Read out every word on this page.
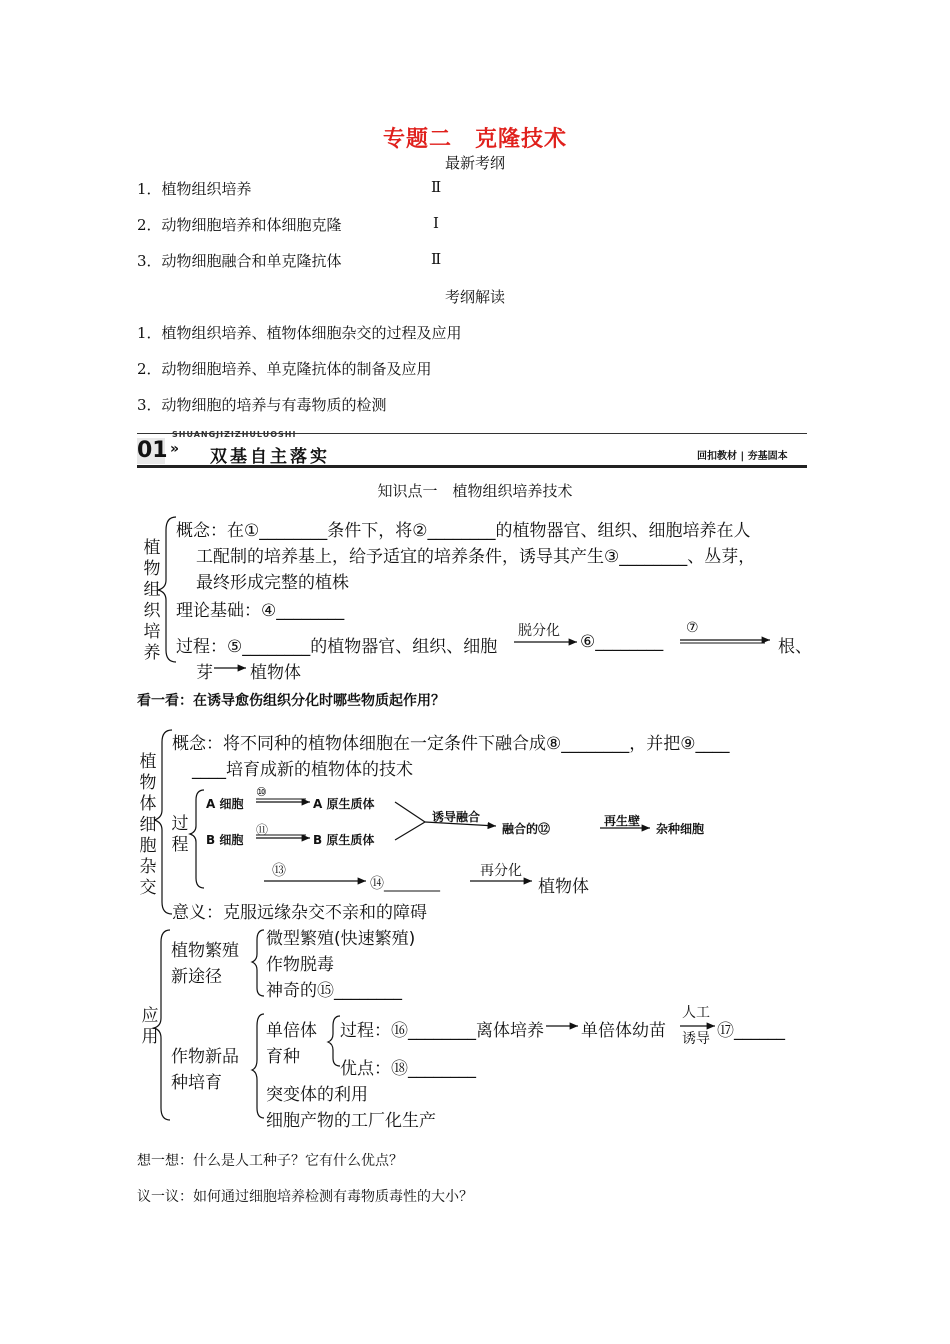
专题二　克隆技术
最新考纲
1．植物组织培养	Ⅱ
2．动物细胞培养和体细胞克隆	Ⅰ
3．动物细胞融合和单克隆抗体	Ⅱ
考纲解读
1．植物组织培养、植物体细胞杂交的过程及应用
2．动物细胞培养、单克隆抗体的制备及应用
3．动物细胞的培养与有毒物质的检测
01
SHUANGJIZIZHULUOSHI
» 双基自主落实	回扣教材 | 夯基固本
知识点一　植物组织培养技术
植物组织培养
概念：在①________条件下，将②________的植物器官、组织、细胞培养在人
工配制的培养基上，给予适宜的培养条件，诱导其产生③________、丛芽，
最终形成完整的植株
理论基础：④________
过程：⑤________的植物器官、组织、细胞
脱分化
⑥________
⑦
根、
芽 植物体
看一看：在诱导愈伤组织分化时哪些物质起作用？
植物体细胞杂交
概念：将不同种的植物体细胞在一定条件下融合成⑧________，并把⑨____
____培育成新的植物体的技术
过程
A 细胞
⑩
A 原生质体
B 细胞
⑪
B 原生质体
诱导融合
融合的⑫
再生壁
杂种细胞
⑬
⑭________
再分化
植物体
意义：克服远缘杂交不亲和的障碍
应用
植物繁殖
新途径
微型繁殖(快速繁殖)
作物脱毒
神奇的⑮________
作物新品
种培育
单倍体
育种
过程：⑯________离体培养 单倍体幼苗
人工
诱导 ⑰______
优点：⑱________
突变体的利用
细胞产物的工厂化生产
想一想：什么是人工种子？它有什么优点？
议一议：如何通过细胞培养检测有毒物质毒性的大小？
